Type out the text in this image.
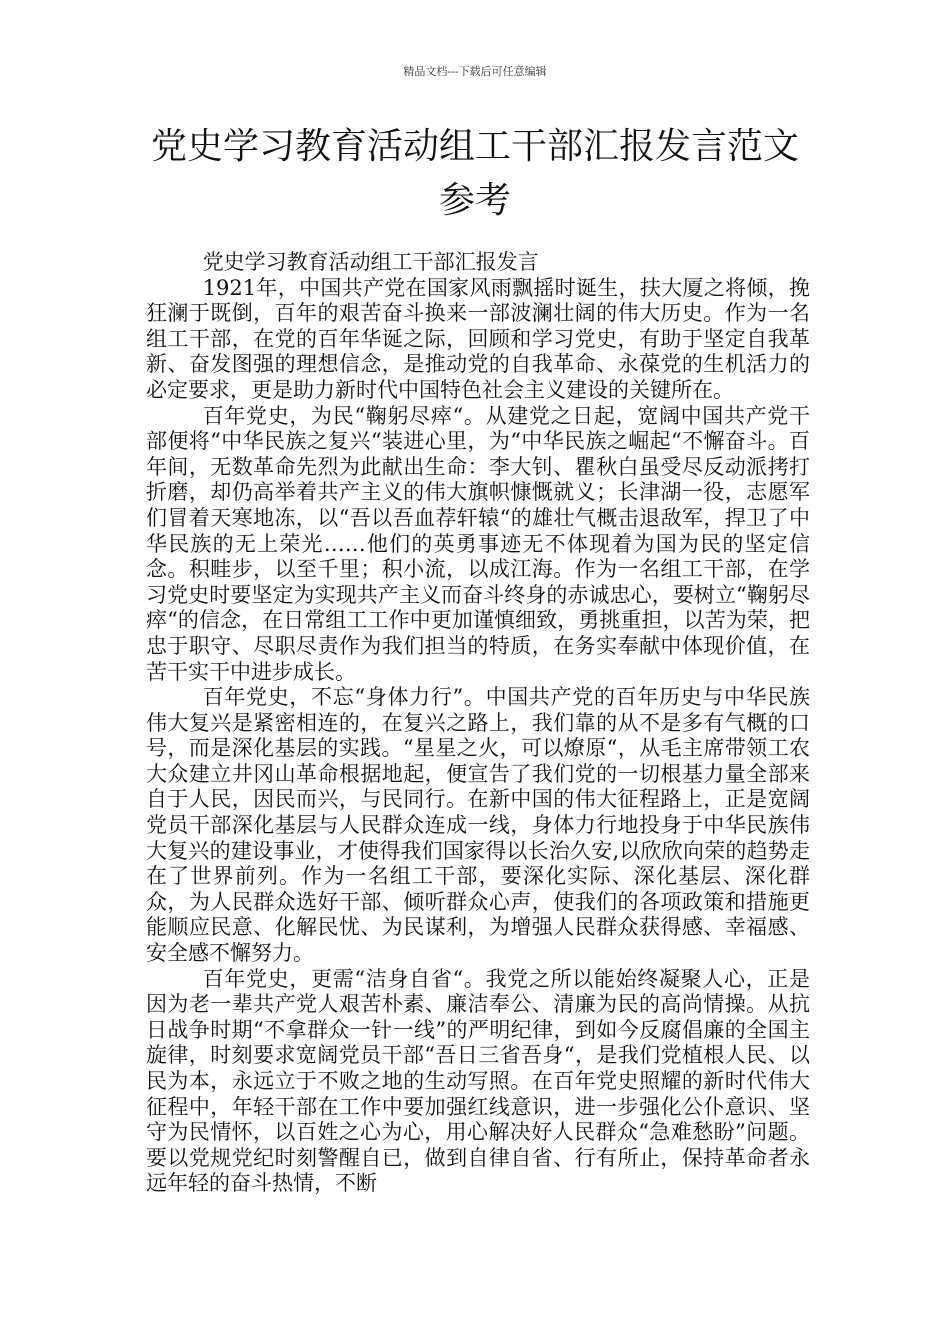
精品文档---下载后可任意编辑
党史学习教育活动组工干部汇报发言范文参考

党史学习教育活动组工干部汇报发言

1921年，中国共产党在国家风雨飘摇时诞生，扶大厦之将倾，挽狂澜于既倒，百年的艰苦奋斗换来一部波澜壮阔的伟大历史。作为一名组工干部，在党的百年华诞之际，回顾和学习党史，有助于坚定自我革新、奋发图强的理想信念，是推动党的自我革命、永葆党的生机活力的必定要求，更是助力新时代中国特色社会主义建设的关键所在。

百年党史，为民“鞠躬尽瘁“。从建党之日起，宽阔中国共产党干部便将“中华民族之复兴“装进心里，为“中华民族之崛起“不懈奋斗。百年间，无数革命先烈为此献出生命：李大钊、瞿秋白虽受尽反动派拷打折磨，却仍高举着共产主义的伟大旗帜慷慨就义；长津湖一役，志愿军们冒着天寒地冻，以“吾以吾血荐轩辕“的雄壮气概击退敌军，捍卫了中华民族的无上荣光……他们的英勇事迹无不体现着为国为民的坚定信念。积畦步，以至千里；积小流，以成江海。作为一名组工干部，在学习党史时要坚定为实现共产主义而奋斗终身的赤诚忠心，要树立“鞠躬尽瘁“的信念，在日常组工工作中更加谨慎细致，勇挑重担，以苦为荣，把忠于职守、尽职尽责作为我们担当的特质，在务实奉献中体现价值，在苦干实干中进步成长。

百年党史，不忘“身体力行”。中国共产党的百年历史与中华民族伟大复兴是紧密相连的，在复兴之路上，我们靠的从不是多有气概的口号，而是深化基层的实践。“星星之火，可以燎原“，从毛主席带领工农大众建立井冈山革命根据地起，便宣告了我们党的一切根基力量全部来自于人民，因民而兴，与民同行。在新中国的伟大征程路上，正是宽阔党员干部深化基层与人民群众连成一线，身体力行地投身于中华民族伟大复兴的建设事业，才使得我们国家得以长治久安,以欣欣向荣的趋势走在了世界前列。作为一名组工干部，要深化实际、深化基层、深化群众，为人民群众选好干部、倾听群众心声，使我们的各项政策和措施更能顺应民意、化解民忧、为民谋利，为增强人民群众获得感、幸福感、安全感不懈努力。

百年党史，更需“洁身自省“。我党之所以能始终凝聚人心，正是因为老一辈共产党人艰苦朴素、廉洁奉公、清廉为民的高尚情操。从抗日战争时期“不拿群众一针一线”的严明纪律，到如今反腐倡廉的全国主旋律，时刻要求宽阔党员干部“吾日三省吾身“，是我们党植根人民、以民为本，永远立于不败之地的生动写照。在百年党史照耀的新时代伟大征程中，年轻干部在工作中要加强红线意识，进一步强化公仆意识、坚守为民情怀，以百姓之心为心，用心解决好人民群众“急难愁盼”问题。要以党规党纪时刻警醒自已，做到自律自省、行有所止，保持革命者永远年轻的奋斗热情，不断
